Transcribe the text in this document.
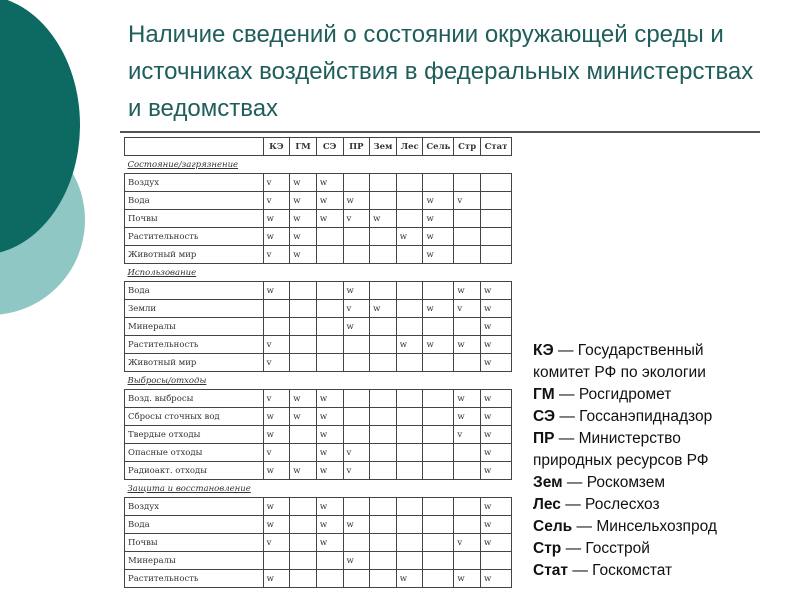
Наличие сведений о состоянии окружающей среды и источниках воздействия в федеральных министерствах и ведомствах
	КЭ	ГМ	СЭ	ПР	Зем	Лес	Сель	Стр	Стат
Состояние/загрязнение									
Воздух	v	w	w						
Вода	v	w	w	w			w	v	
Почвы	w	w	w	v	w		w		
Растительность	w	w				w	w		
Животный мир	v	w					w		
Использование									
Вода	w			w				w	w
Земли				v	w		w	v	w
Минералы				w					w
Растительность	v					w	w	w	w
Животный мир	v								w
Выбросы/отходы									
Возд. выбросы	v	w	w					w	w
Сбросы сточных вод	w	w	w					w	w
Твердые отходы	w		w					v	w
Опасные отходы	v		w	v					w
Радиоакт. отходы	w	w	w	v					w
Защита и восстановление									
Воздух	w		w						w
Вода	w		w	w					w
Почвы	v		w					v	w
Минералы				w					
Растительность	w					w		w	w
КЭ — Государственный
комитет РФ по экологии
ГМ — Росгидромет
СЭ — Госсанэпиднадзор
ПР — Министерство
природных ресурсов РФ
Зем — Роскомзем
Лес — Рослесхоз
Сель — Минсельхозпрод
Стр — Госстрой
Стат — Госкомстат
